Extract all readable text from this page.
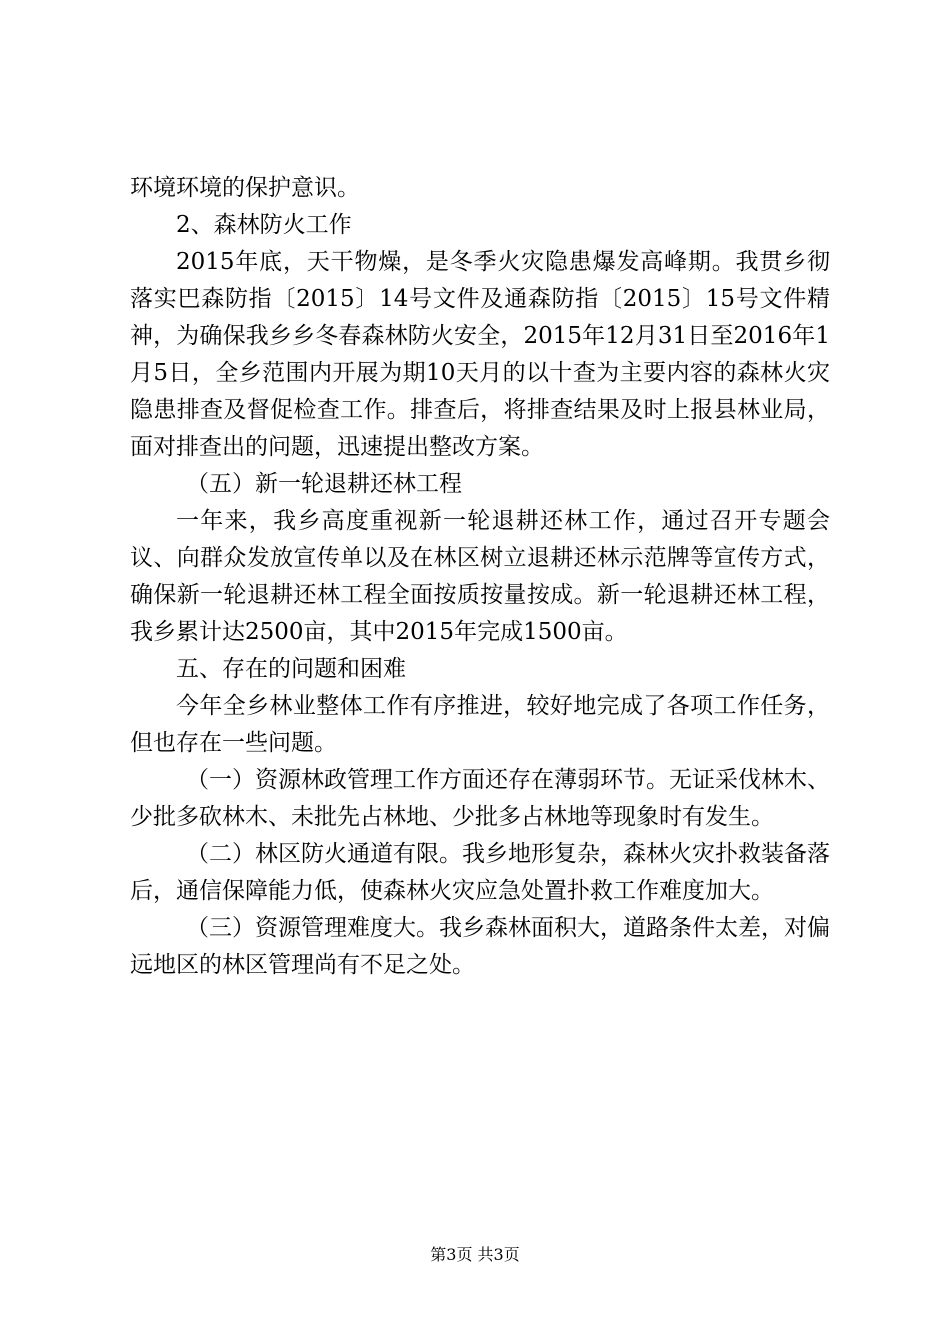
环境环境的保护意识。

2、森林防火工作

2015年底，天干物燥，是冬季火灾隐患爆发高峰期。我贯乡彻落实巴森防指〔2015〕14号文件及通森防指〔2015〕15号文件精神，为确保我乡乡冬春森林防火安全，2015年12月31日至2016年1月5日，全乡范围内开展为期10天月的以十查为主要内容的森林火灾隐患排查及督促检查工作。排查后，将排查结果及时上报县林业局，面对排查出的问题，迅速提出整改方案。

（五）新一轮退耕还林工程

一年来，我乡高度重视新一轮退耕还林工作，通过召开专题会议、向群众发放宣传单以及在林区树立退耕还林示范牌等宣传方式，确保新一轮退耕还林工程全面按质按量按成。新一轮退耕还林工程，我乡累计达2500亩，其中2015年完成1500亩。

五、存在的问题和困难

今年全乡林业整体工作有序推进，较好地完成了各项工作任务，但也存在一些问题。

（一）资源林政管理工作方面还存在薄弱环节。无证采伐林木、少批多砍林木、未批先占林地、少批多占林地等现象时有发生。

（二）林区防火通道有限。我乡地形复杂，森林火灾扑救装备落后，通信保障能力低，使森林火灾应急处置扑救工作难度加大。

（三）资源管理难度大。我乡森林面积大，道路条件太差，对偏远地区的林区管理尚有不足之处。

第3页 共3页
